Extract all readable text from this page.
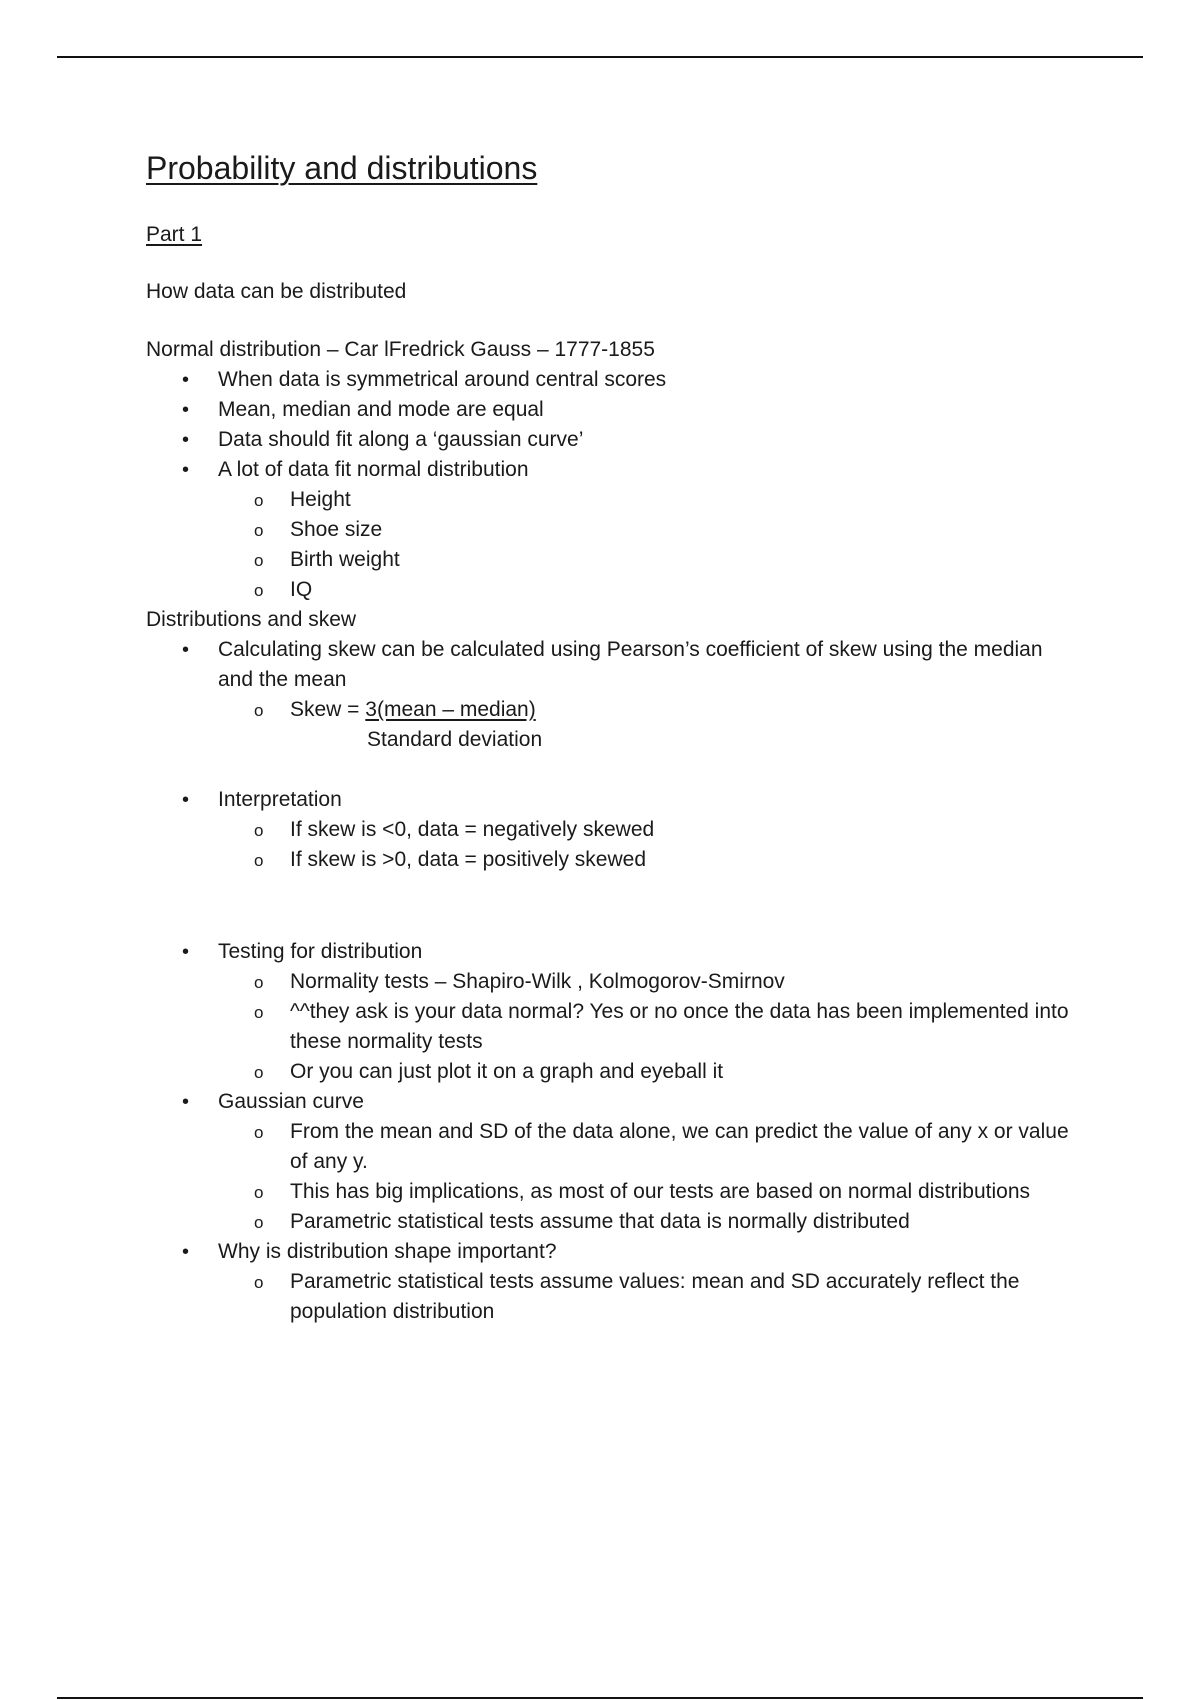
Probability and distributions

Part 1

How data can be distributed

Normal distribution – Car lFredrick Gauss – 1777-1855

• When data is symmetrical around central scores
• Mean, median and mode are equal
• Data should fit along a ‘gaussian curve’
• A lot of data fit normal distribution
o Height
o Shoe size
o Birth weight
o IQ

Distributions and skew

• Calculating skew can be calculated using Pearson’s coefficient of skew using the median and the mean
o Skew = 3(mean – median)
Standard deviation
• Interpretation
o If skew is <0, data = negatively skewed
o If skew is >0, data = positively skewed
• Testing for distribution
o Normality tests – Shapiro-Wilk , Kolmogorov-Smirnov
o ^^they ask is your data normal? Yes or no once the data has been implemented into these normality tests
o Or you can just plot it on a graph and eyeball it
• Gaussian curve
o From the mean and SD of the data alone, we can predict the value of any x or value of any y.
o This has big implications, as most of our tests are based on normal distributions
o Parametric statistical tests assume that data is normally distributed
• Why is distribution shape important?
o Parametric statistical tests assume values: mean and SD accurately reflect the population distribution
